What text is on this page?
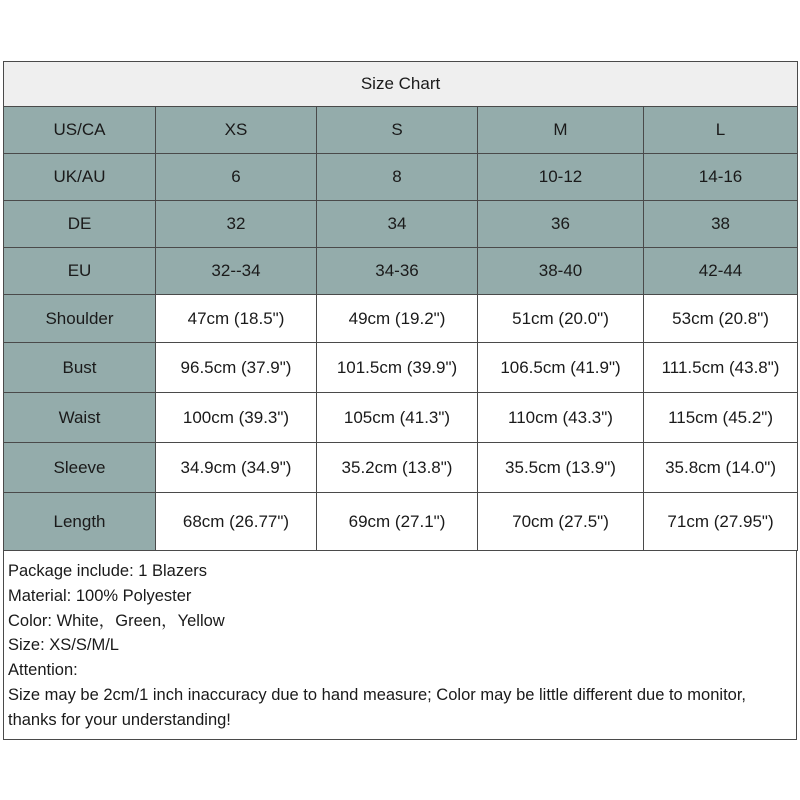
Size Chart				
US/CA	XS	S	M	L
UK/AU	6	8	10-12	14-16
DE	32	34	36	38
EU	32--34	34-36	38-40	42-44
Shoulder	47cm (18.5")	49cm (19.2")	51cm (20.0")	53cm (20.8")
Bust	96.5cm (37.9")	101.5cm (39.9")	106.5cm (41.9")	111.5cm (43.8")
Waist	100cm (39.3")	105cm (41.3")	110cm (43.3")	115cm (45.2")
Sleeve	34.9cm (34.9")	35.2cm (13.8")	35.5cm (13.9")	35.8cm (14.0")
Length	68cm (26.77")	69cm (27.1")	70cm (27.5")	71cm (27.95")
Package include: 1 Blazers
Material: 100% Polyester
Color: White，Green，Yellow
Size: XS/S/M/L
Attention:
Size may be 2cm/1 inch inaccuracy due to hand measure; Color may be little different due to monitor,
thanks for your understanding!
